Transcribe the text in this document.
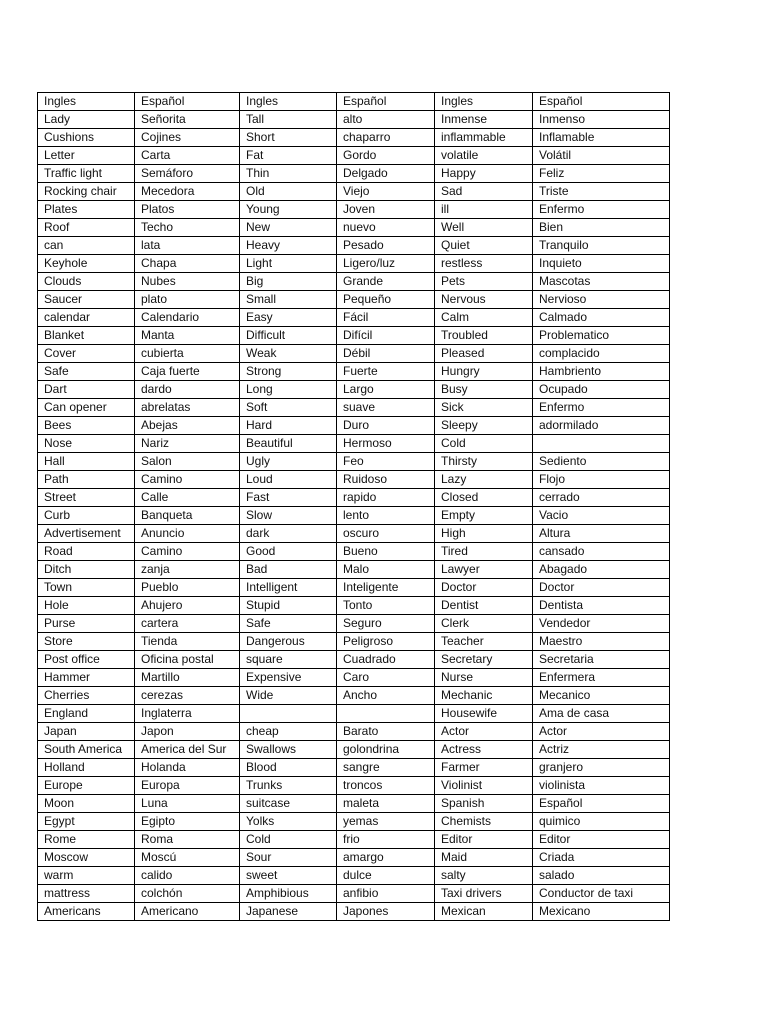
Ingles	Español	Ingles	Español	Ingles	Español
Lady	Señorita	Tall	alto	Inmense	Inmenso
Cushions	Cojines	Short	chaparro	inflammable	Inflamable
Letter	Carta	Fat	Gordo	volatile	Volátil
Traffic light	Semáforo	Thin	Delgado	Happy	Feliz
Rocking chair	Mecedora	Old	Viejo	Sad	Triste
Plates	Platos	Young	Joven	ill	Enfermo
Roof	Techo	New	nuevo	Well	Bien
can	lata	Heavy	Pesado	Quiet	Tranquilo
Keyhole	Chapa	Light	Ligero/luz	restless	Inquieto
Clouds	Nubes	Big	Grande	Pets	Mascotas
Saucer	plato	Small	Pequeño	Nervous	Nervioso
calendar	Calendario	Easy	Fácil	Calm	Calmado
Blanket	Manta	Difficult	Difícil	Troubled	Problematico
Cover	cubierta	Weak	Débil	Pleased	complacido
Safe	Caja fuerte	Strong	Fuerte	Hungry	Hambriento
Dart	dardo	Long	Largo	Busy	Ocupado
Can opener	abrelatas	Soft	suave	Sick	Enfermo
Bees	Abejas	Hard	Duro	Sleepy	adormilado
Nose	Nariz	Beautiful	Hermoso	Cold	
Hall	Salon	Ugly	Feo	Thirsty	Sediento
Path	Camino	Loud	Ruidoso	Lazy	Flojo
Street	Calle	Fast	rapido	Closed	cerrado
Curb	Banqueta	Slow	lento	Empty	Vacio
Advertisement	Anuncio	dark	oscuro	High	Altura
Road	Camino	Good	Bueno	Tired	cansado
Ditch	zanja	Bad	Malo	Lawyer	Abagado
Town	Pueblo	Intelligent	Inteligente	Doctor	Doctor
Hole	Ahujero	Stupid	Tonto	Dentist	Dentista
Purse	cartera	Safe	Seguro	Clerk	Vendedor
Store	Tienda	Dangerous	Peligroso	Teacher	Maestro
Post office	Oficina postal	square	Cuadrado	Secretary	Secretaria
Hammer	Martillo	Expensive	Caro	Nurse	Enfermera
Cherries	cerezas	Wide	Ancho	Mechanic	Mecanico
England	Inglaterra			Housewife	Ama de casa
Japan	Japon	cheap	Barato	Actor	Actor
South America	America del Sur	Swallows	golondrina	Actress	Actriz
Holland	Holanda	Blood	sangre	Farmer	granjero
Europe	Europa	Trunks	troncos	Violinist	violinista
Moon	Luna	suitcase	maleta	Spanish	Español
Egypt	Egipto	Yolks	yemas	Chemists	quimico
Rome	Roma	Cold	frio	Editor	Editor
Moscow	Moscú	Sour	amargo	Maid	Criada
warm	calido	sweet	dulce	salty	salado
mattress	colchón	Amphibious	anfibio	Taxi drivers	Conductor de taxi
Americans	Americano	Japanese	Japones	Mexican	Mexicano
